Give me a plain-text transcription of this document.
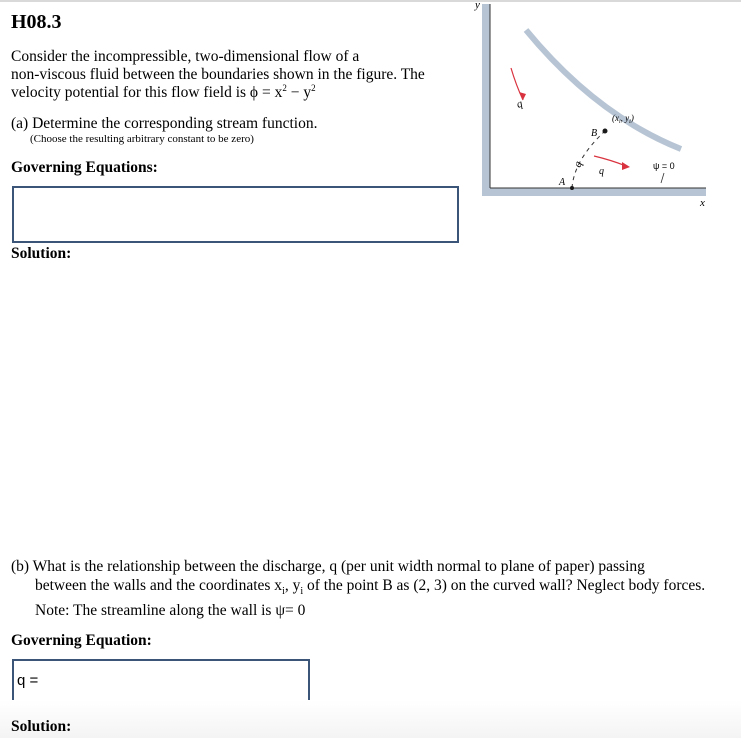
H08.3
Consider the incompressible, two-dimensional flow of a
non-viscous fluid between the boundaries shown in the figure. The
velocity potential for this flow field is $\phi = x^2 - y^2$
(a) Determine the corresponding stream function.
(Choose the resulting arbitrary constant to be zero)
Governing Equations:
Solution:
y
x
q
q
q
B
A
($x_i$, $y_i$)
ψ = 0
(b) What is the relationship between the discharge, q (per unit width normal to plane of paper) passing
between the walls and the coordinates $x_i$, $y_i$ of the point B as (2, 3) on the curved wall? Neglect body forces.
Note: The streamline along the wall is ψ= 0
Governing Equation:
q =
Solution:
